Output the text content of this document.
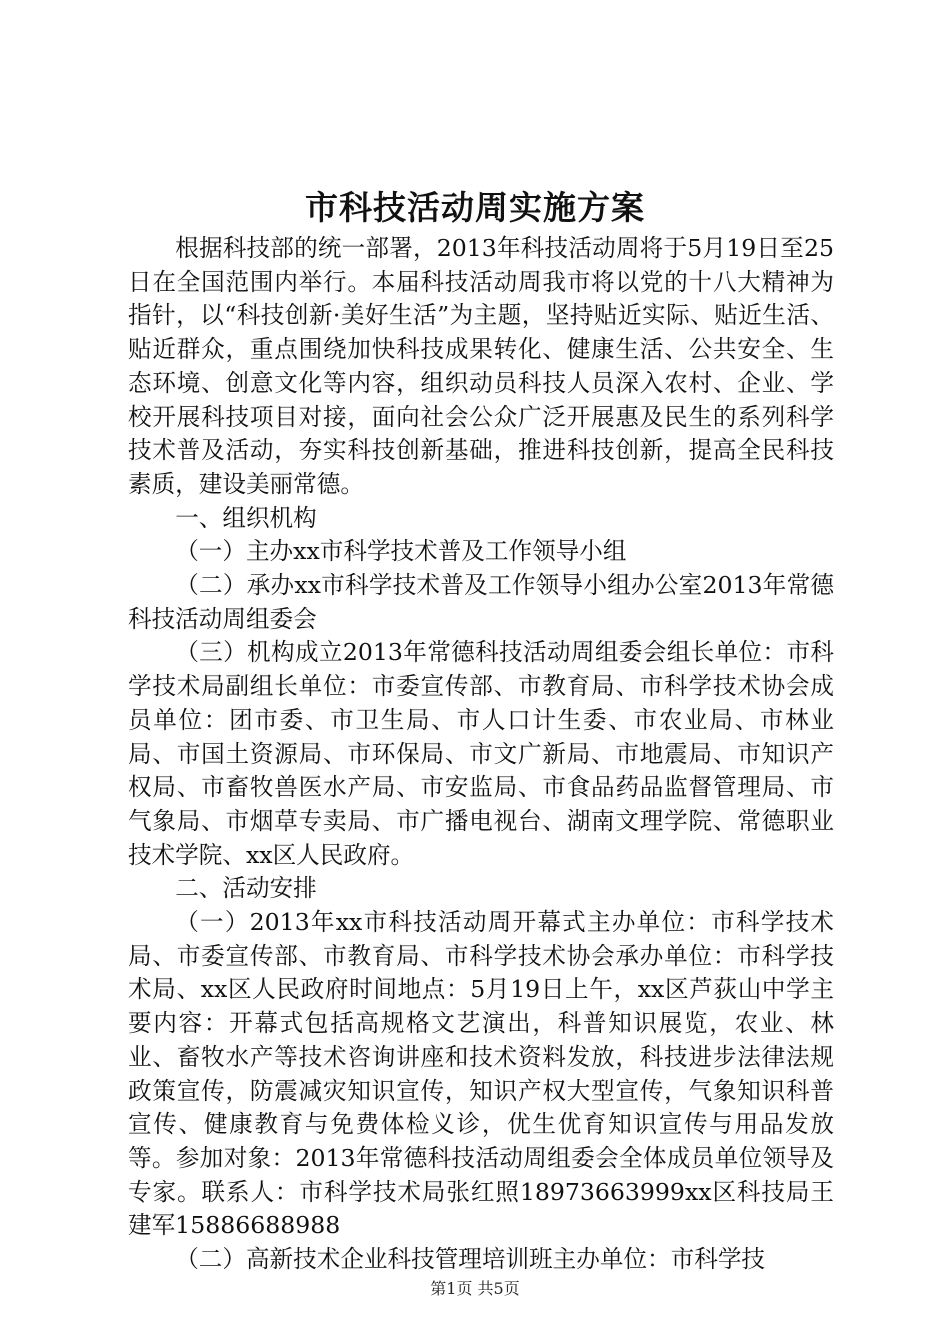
市科技活动周实施方案

根据科技部的统一部署，2013年科技活动周将于5月19日至25日在全国范围内举行。本届科技活动周我市将以党的十八大精神为指针，以“科技创新·美好生活”为主题，坚持贴近实际、贴近生活、贴近群众，重点围绕加快科技成果转化、健康生活、公共安全、生态环境、创意文化等内容，组织动员科技人员深入农村、企业、学校开展科技项目对接，面向社会公众广泛开展惠及民生的系列科学技术普及活动，夯实科技创新基础，推进科技创新，提高全民科技素质，建设美丽常德。

一、组织机构

（一）主办xx市科学技术普及工作领导小组

（二）承办xx市科学技术普及工作领导小组办公室2013年常德科技活动周组委会

（三）机构成立2013年常德科技活动周组委会组长单位：市科学技术局副组长单位：市委宣传部、市教育局、市科学技术协会成员单位：团市委、市卫生局、市人口计生委、市农业局、市林业局、市国土资源局、市环保局、市文广新局、市地震局、市知识产权局、市畜牧兽医水产局、市安监局、市食品药品监督管理局、市气象局、市烟草专卖局、市广播电视台、湖南文理学院、常德职业技术学院、xx区人民政府。

二、活动安排

（一）2013年xx市科技活动周开幕式主办单位：市科学技术局、市委宣传部、市教育局、市科学技术协会承办单位：市科学技术局、xx区人民政府时间地点：5月19日上午，xx区芦荻山中学主要内容：开幕式包括高规格文艺演出，科普知识展览，农业、林业、畜牧水产等技术咨询讲座和技术资料发放，科技进步法律法规政策宣传，防震减灾知识宣传，知识产权大型宣传，气象知识科普宣传、健康教育与免费体检义诊，优生优育知识宣传与用品发放等。参加对象：2013年常德科技活动周组委会全体成员单位领导及专家。联系人：市科学技术局张红照18973663999xx区科技局王建军15886688988

（二）高新技术企业科技管理培训班主办单位：市科学技

第1页 共5页
